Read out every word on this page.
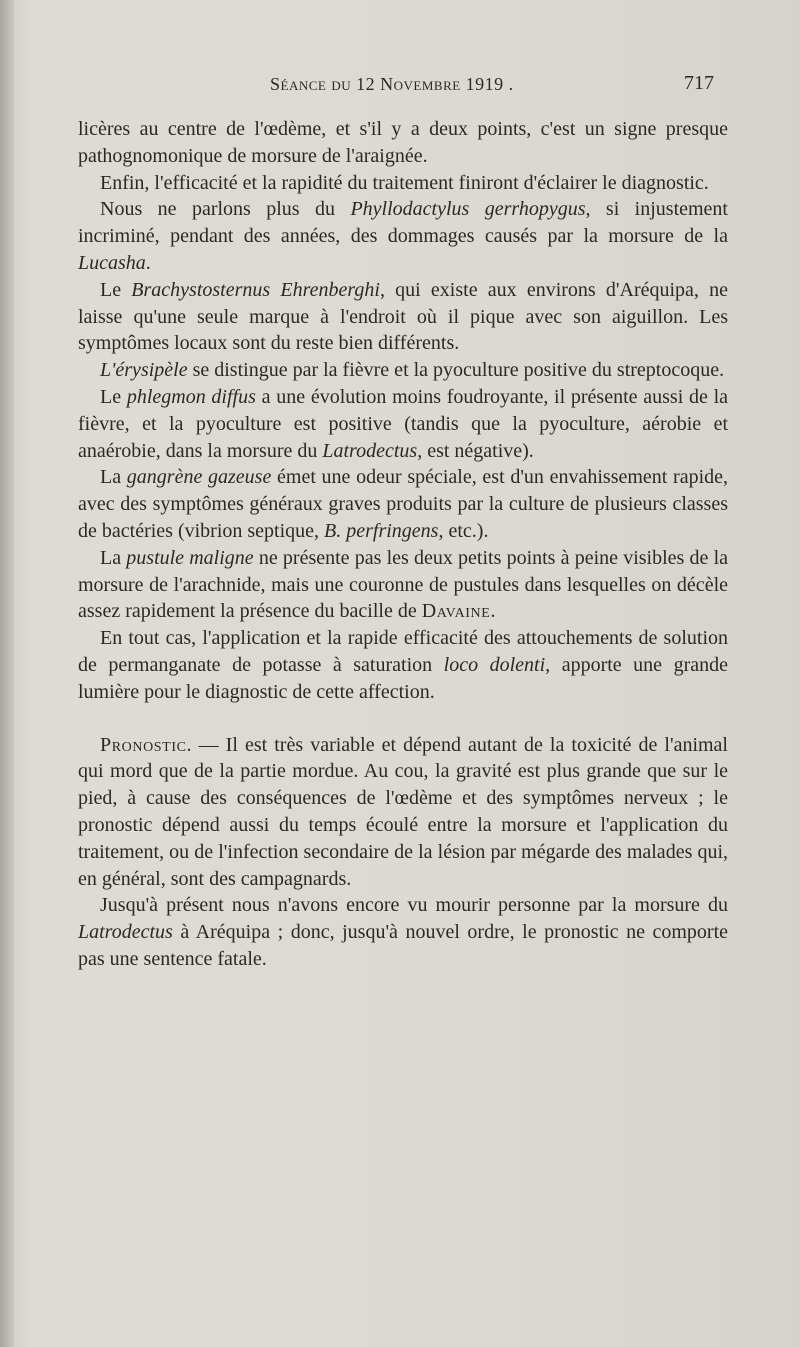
Séance du 12 Novembre 1919 .	717

licères au centre de l'œdème, et s'il y a deux points, c'est un signe presque pathognomonique de morsure de l'araignée.

Enfin, l'efficacité et la rapidité du traitement finiront d'éclairer le diagnostic.

Nous ne parlons plus du Phyllodactylus gerrhopygus, si injustement incriminé, pendant des années, des dommages causés par la morsure de la Lucasha.

Le Brachystosternus Ehrenberghi, qui existe aux environs d'Aréquipa, ne laisse qu'une seule marque à l'endroit où il pique avec son aiguillon. Les symptômes locaux sont du reste bien différents.

L'érysipèle se distingue par la fièvre et la pyoculture positive du streptocoque.

Le phlegmon diffus a une évolution moins foudroyante, il présente aussi de la fièvre, et la pyoculture est positive (tandis que la pyoculture, aérobie et anaérobie, dans la morsure du Latrodectus, est négative).

La gangrène gazeuse émet une odeur spéciale, est d'un envahissement rapide, avec des symptômes généraux graves produits par la culture de plusieurs classes de bactéries (vibrion septique, B. perfringens, etc.).

La pustule maligne ne présente pas les deux petits points à peine visibles de la morsure de l'arachnide, mais une couronne de pustules dans lesquelles on décèle assez rapidement la présence du bacille de Davaine.

En tout cas, l'application et la rapide efficacité des attouchements de solution de permanganate de potasse à saturation loco dolenti, apporte une grande lumière pour le diagnostic de cette affection.

Pronostic. — Il est très variable et dépend autant de la toxicité de l'animal qui mord que de la partie mordue. Au cou, la gravité est plus grande que sur le pied, à cause des conséquences de l'œdème et des symptômes nerveux ; le pronostic dépend aussi du temps écoulé entre la morsure et l'application du traitement, ou de l'infection secondaire de la lésion par mégarde des malades qui, en général, sont des campagnards.

Jusqu'à présent nous n'avons encore vu mourir personne par la morsure du Latrodectus à Aréquipa ; donc, jusqu'à nouvel ordre, le pronostic ne comporte pas une sentence fatale.
